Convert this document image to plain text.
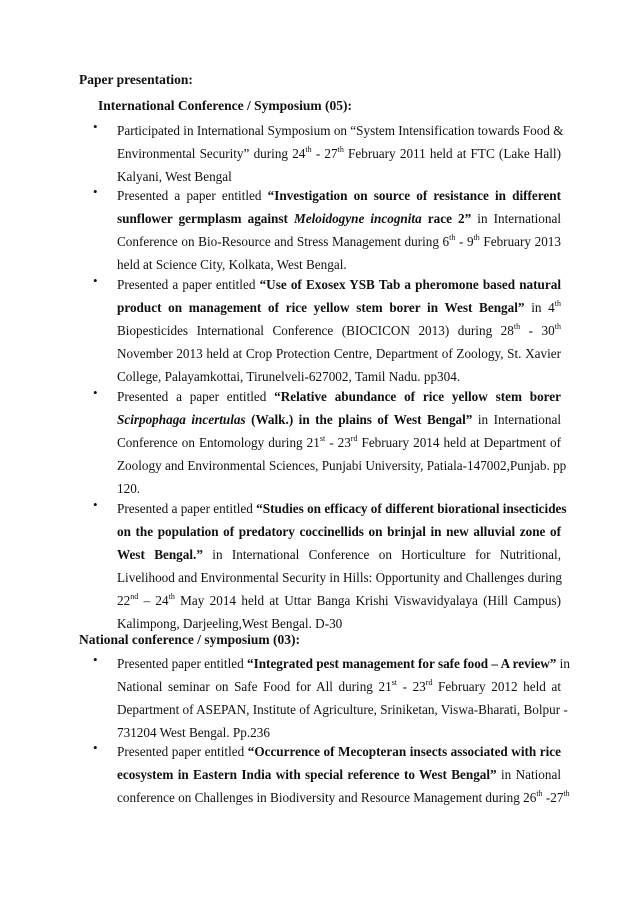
Paper presentation:
International Conference / Symposium (05):
• Participated in International Symposium on “System Intensification towards Food &
Environmental Security” during 24th - 27th February 2011 held at FTC (Lake Hall)
Kalyani, West Bengal
• Presented a paper entitled “Investigation on source of resistance in different
sunflower germplasm against Meloidogyne incognita race 2” in International
Conference on Bio-Resource and Stress Management during 6th - 9th February 2013
held at Science City, Kolkata, West Bengal.
• Presented a paper entitled “Use of Exosex YSB Tab a pheromone based natural
product on management of rice yellow stem borer in West Bengal” in 4th
Biopesticides International Conference (BIOCICON 2013) during 28th - 30th
November 2013 held at Crop Protection Centre, Department of Zoology, St. Xavier
College, Palayamkottai, Tirunelveli-627002, Tamil Nadu. pp304.
• Presented a paper entitled “Relative abundance of rice yellow stem borer
Scirpophaga incertulas (Walk.) in the plains of West Bengal” in International
Conference on Entomology during 21st - 23rd February 2014 held at Department of
Zoology and Environmental Sciences, Punjabi University, Patiala-147002,Punjab. pp
120.
• Presented a paper entitled “Studies on efficacy of different biorational insecticides
on the population of predatory coccinellids on brinjal in new alluvial zone of
West Bengal.” in International Conference on Horticulture for Nutritional,
Livelihood and Environmental Security in Hills: Opportunity and Challenges during
22nd – 24th May 2014 held at Uttar Banga Krishi Viswavidyalaya (Hill Campus)
Kalimpong, Darjeeling,West Bengal. D-30
National conference / symposium (03):
• Presented paper entitled “Integrated pest management for safe food – A review” in
National seminar on Safe Food for All during 21st - 23rd February 2012 held at
Department of ASEPAN, Institute of Agriculture, Sriniketan, Viswa-Bharati, Bolpur -
731204 West Bengal. Pp.236
• Presented paper entitled “Occurrence of Mecopteran insects associated with rice
ecosystem in Eastern India with special reference to West Bengal” in National
conference on Challenges in Biodiversity and Resource Management during 26th -27th
